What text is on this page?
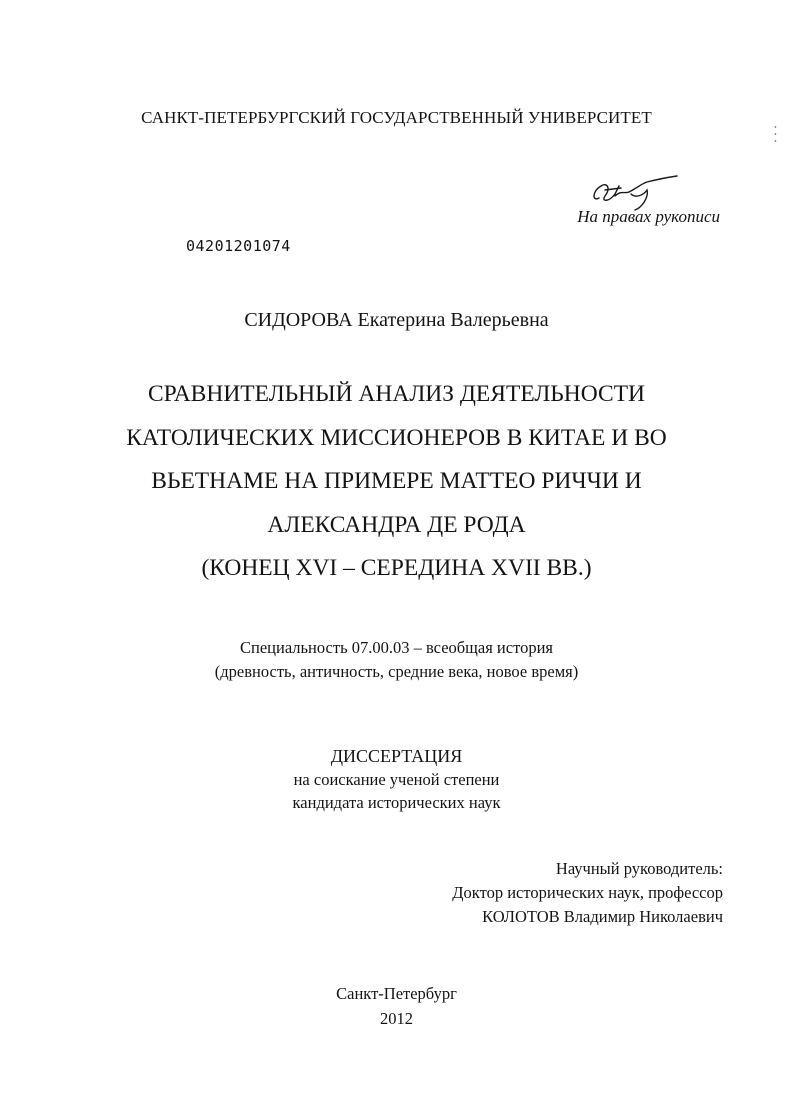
САНКТ-ПЕТЕРБУРГСКИЙ ГОСУДАРСТВЕННЫЙ УНИВЕРСИТЕТ
На правах рукописи
04201201074
СИДОРОВА Екатерина Валерьевна
СРАВНИТЕЛЬНЫЙ АНАЛИЗ ДЕЯТЕЛЬНОСТИ
КАТОЛИЧЕСКИХ МИССИОНЕРОВ В КИТАЕ И ВО
ВЬЕТНАМЕ НА ПРИМЕРЕ МАТТЕО РИЧЧИ И
АЛЕКСАНДРА ДЕ РОДА
(КОНЕЦ XVI – СЕРЕДИНА XVII ВВ.)
Специальность 07.00.03 – всеобщая история
(древность, античность, средние века, новое время)
ДИССЕРТАЦИЯ
на соискание ученой степени
кандидата исторических наук
Научный руководитель:
Доктор исторических наук, профессор
КОЛОТОВ Владимир Николаевич
Санкт-Петербург
2012
